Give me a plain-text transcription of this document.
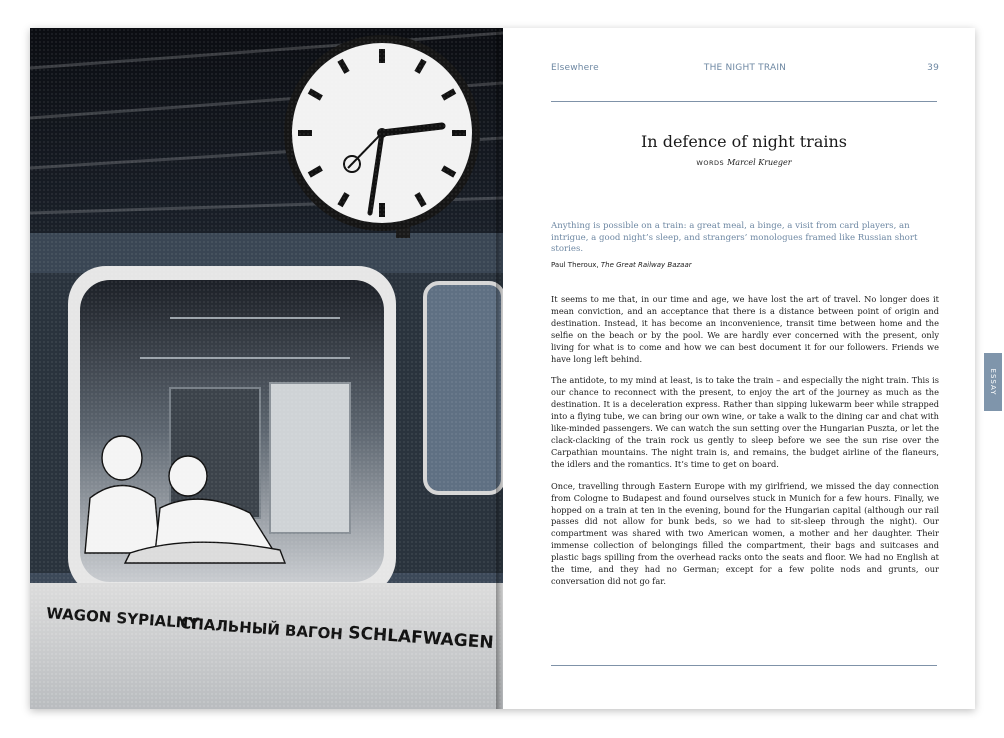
Elsewhere	THE NIGHT TRAIN	39
In defence of night trains
WORDS Marcel Krueger
Anything is possible on a train: a great meal, a binge, a visit from card players, an intrigue, a good night’s sleep, and strangers’ monologues framed like Russian short stories.
Paul Theroux, The Great Railway Bazaar

It seems to me that, in our time and age, we have lost the art of travel. No longer does it mean conviction, and an acceptance that there is a distance between point of origin and destination. Instead, it has become an inconvenience, transit time between home and the selfie on the beach or by the pool. We are hardly ever concerned with the present, only living for what is to come and how we can best document it for our followers. Friends we have long left behind.

The antidote, to my mind at least, is to take the train – and especially the night train. This is our chance to reconnect with the present, to enjoy the art of the journey as much as the destination. It is a deceleration express. Rather than sipping lukewarm beer while strapped into a flying tube, we can bring our own wine, or take a walk to the dining car and chat with like-minded passengers. We can watch the sun setting over the Hungarian Puszta, or let the clack-clacking of the train rock us gently to sleep before we see the sun rise over the Carpathian mountains. The night train is, and remains, the budget airline of the flaneurs, the idlers and the romantics. It’s time to get on board.

Once, travelling through Eastern Europe with my girlfriend, we missed the day connection from Cologne to Budapest and found ourselves stuck in Munich for a few hours. Finally, we hopped on a train at ten in the evening, bound for the Hungarian capital (although our rail passes did not allow for bunk beds, so we had to sit-sleep through the night). Our compartment was shared with two American women, a mother and her daughter. Their immense collection of belongings filled the compartment, their bags and suitcases and plastic bags spilling from the overhead racks onto the seats and floor. We had no English at the time, and they had no German; except for a few polite nods and grunts, our conversation did not go far.

ESSAY
